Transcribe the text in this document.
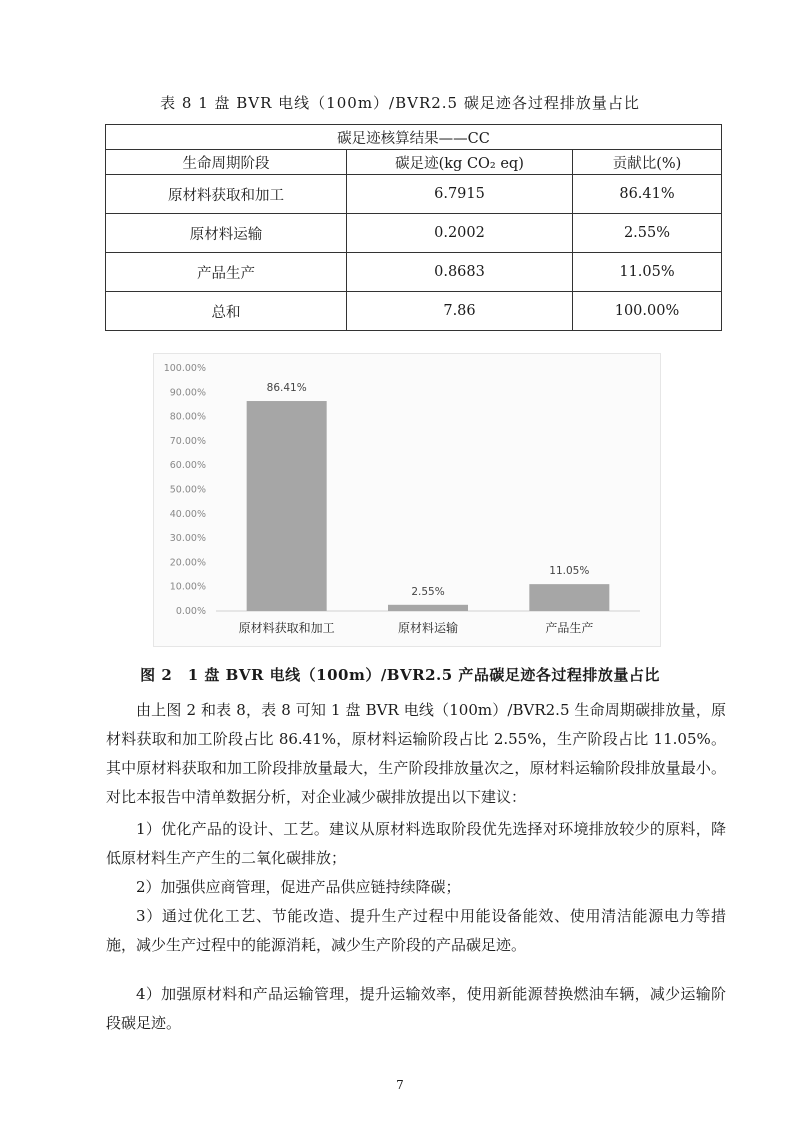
表 8 1 盘 BVR 电线（100m）/BVR2.5 碳足迹各过程排放量占比
碳足迹核算结果——CC		
生命周期阶段	碳足迹(kg CO₂ eq)	贡献比(%)
原材料获取和加工	6.7915	86.41%
原材料运输	0.2002	2.55%
产品生产	0.8683	11.05%
总和	7.86	100.00%
0.00%
10.00%
20.00%
30.00%
40.00%
50.00%
60.00%
70.00%
80.00%
90.00%
100.00%
86.41%
原材料获取和加工
2.55%
原材料运输
11.05%
产品生产
图 2　1 盘 BVR 电线（100m）/BVR2.5 产品碳足迹各过程排放量占比
由上图 2 和表 8，表 8 可知 1 盘 BVR 电线（100m）/BVR2.5 生命周期碳排放量，原材料获取和加工阶段占比 86.41%，原材料运输阶段占比 2.55%，生产阶段占比 11.05%。其中原材料获取和加工阶段排放量最大，生产阶段排放量次之，原材料运输阶段排放量最小。对比本报告中清单数据分析，对企业减少碳排放提出以下建议：
1）优化产品的设计、工艺。建议从原材料选取阶段优先选择对环境排放较少的原料，降低原材料生产产生的二氧化碳排放；
2）加强供应商管理，促进产品供应链持续降碳；
3）通过优化工艺、节能改造、提升生产过程中用能设备能效、使用清洁能源电力等措施，减少生产过程中的能源消耗，减少生产阶段的产品碳足迹。
4）加强原材料和产品运输管理，提升运输效率，使用新能源替换燃油车辆，减少运输阶段碳足迹。
7
